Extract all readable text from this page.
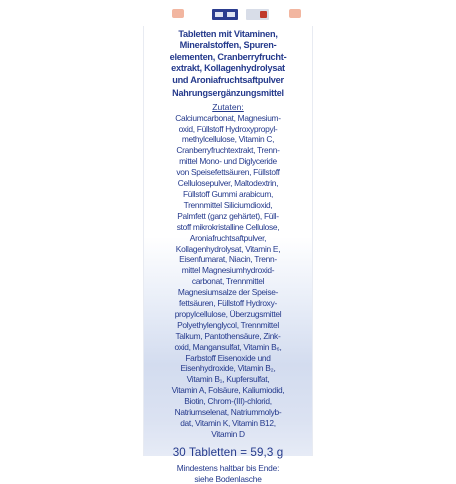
Tabletten mit Vitaminen,
Mineralstoffen, Spuren-
elementen, Cranberryfrucht-
extrakt, Kollagenhydrolysat
und Aroniafruchtsaftpulver
Nahrungsergänzungsmittel
Zutaten:
Calciumcarbonat, Magnesium-
oxid, Füllstoff Hydroxypropyl-
methylcellulose, Vitamin C,
Cranberryfruchtextrakt, Trenn-
mittel Mono- und Diglyceride
von Speisefettsäuren, Füllstoff
Cellulosepulver, Maltodextrin,
Füllstoff Gummi arabicum,
Trennmittel Siliciumdioxid,
Palmfett (ganz gehärtet), Füll-
stoff mikrokristalline Cellulose,
Aroniafruchtsaftpulver,
Kollagenhydrolysat, Vitamin E,
Eisenfumarat, Niacin, Trenn-
mittel Magnesiumhydroxid-
carbonat, Trennmittel
Magnesiumsalze der Speise-
fettsäuren, Füllstoff Hydroxy-
propylcellulose, Überzugsmittel
Polyethylenglycol, Trennmittel
Talkum, Pantothensäure, Zink-
oxid, Mangansulfat, Vitamin B₆,
Farbstoff Eisenoxide und
Eisenhydroxide, Vitamin B₂,
Vitamin B₁, Kupfersulfat,
Vitamin A, Folsäure, Kaliumiodid,
Biotin, Chrom-(III)-chlorid,
Natriumselenat, Natriummolyb-
dat, Vitamin K, Vitamin B12,
Vitamin D
30 Tabletten = 59,3 g
Mindestens haltbar bis Ende:
siehe Bodenlasche
